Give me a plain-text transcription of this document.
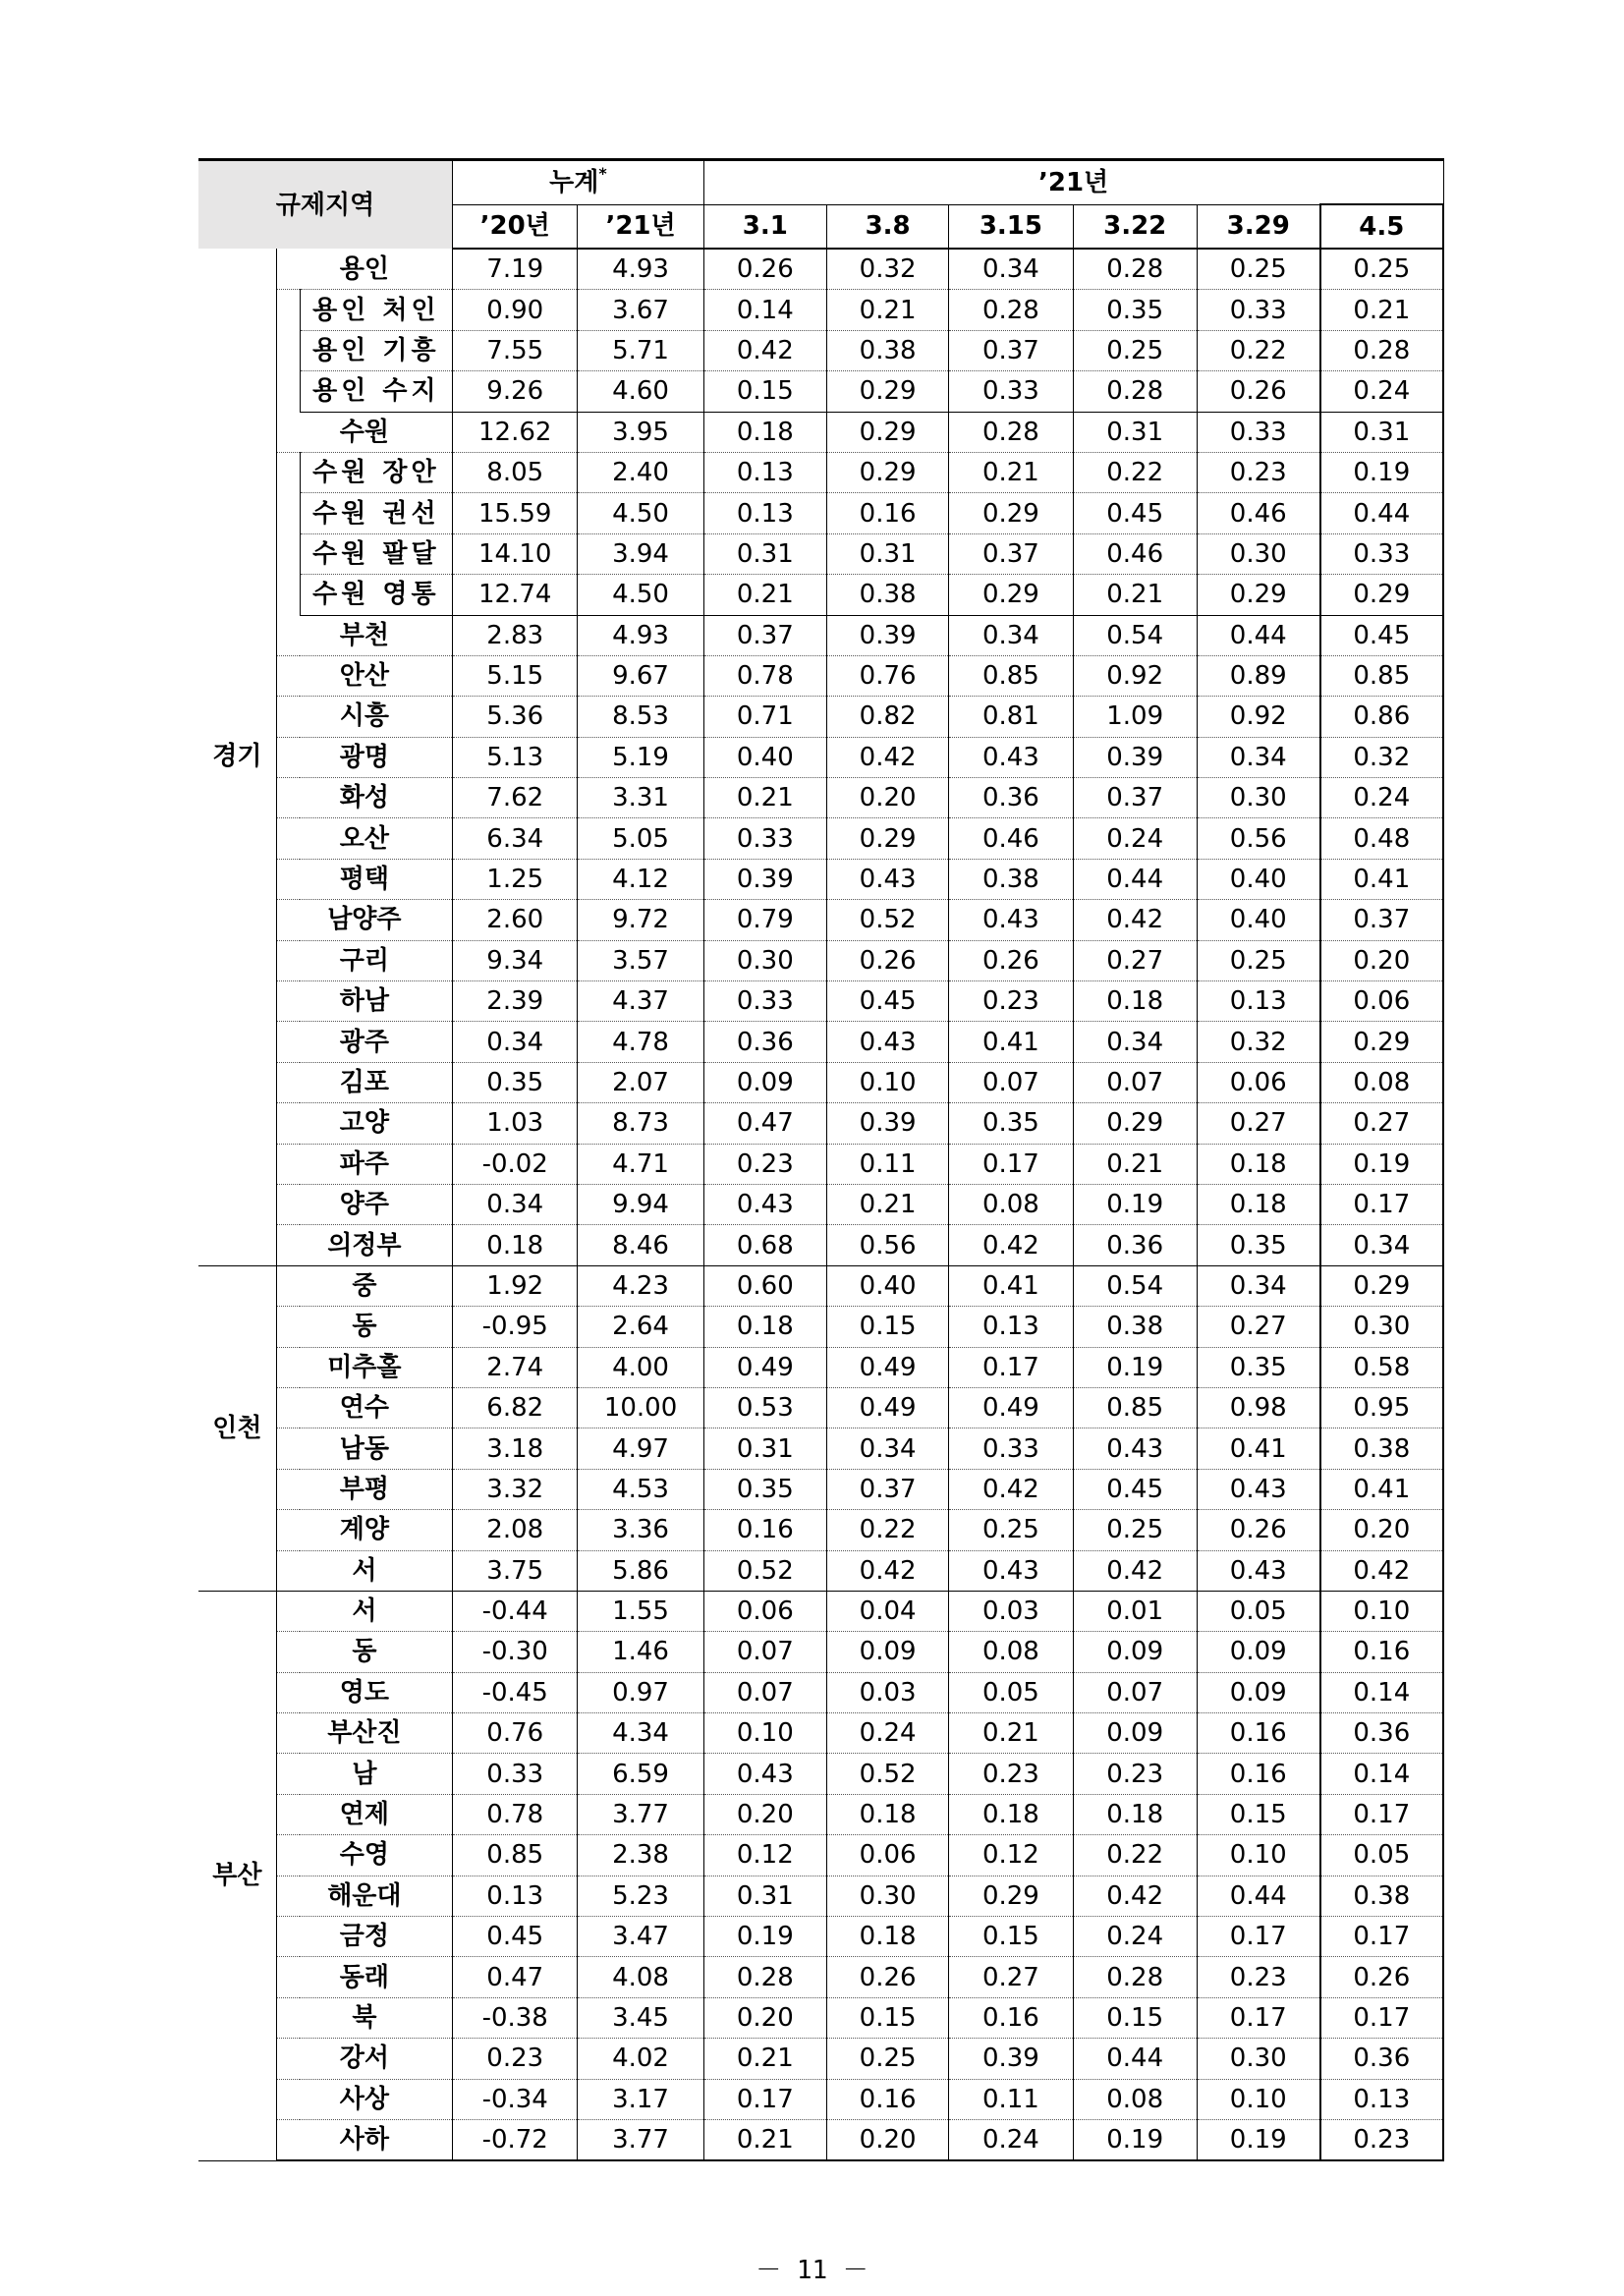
규제지역			누계*		’21년					
			’20년	’21년	3.1	3.8	3.15	3.22	3.29	4.5
경기	용인		7.19	4.93	0.26	0.32	0.34	0.28	0.25	0.25
		용인 처인	0.90	3.67	0.14	0.21	0.28	0.35	0.33	0.21
		용인 기흥	7.55	5.71	0.42	0.38	0.37	0.25	0.22	0.28
		용인 수지	9.26	4.60	0.15	0.29	0.33	0.28	0.26	0.24
	수원		12.62	3.95	0.18	0.29	0.28	0.31	0.33	0.31
		수원 장안	8.05	2.40	0.13	0.29	0.21	0.22	0.23	0.19
		수원 권선	15.59	4.50	0.13	0.16	0.29	0.45	0.46	0.44
		수원 팔달	14.10	3.94	0.31	0.31	0.37	0.46	0.30	0.33
		수원 영통	12.74	4.50	0.21	0.38	0.29	0.21	0.29	0.29
	부천		2.83	4.93	0.37	0.39	0.34	0.54	0.44	0.45
	안산		5.15	9.67	0.78	0.76	0.85	0.92	0.89	0.85
	시흥		5.36	8.53	0.71	0.82	0.81	1.09	0.92	0.86
	광명		5.13	5.19	0.40	0.42	0.43	0.39	0.34	0.32
	화성		7.62	3.31	0.21	0.20	0.36	0.37	0.30	0.24
	오산		6.34	5.05	0.33	0.29	0.46	0.24	0.56	0.48
	평택		1.25	4.12	0.39	0.43	0.38	0.44	0.40	0.41
	남양주		2.60	9.72	0.79	0.52	0.43	0.42	0.40	0.37
	구리		9.34	3.57	0.30	0.26	0.26	0.27	0.25	0.20
	하남		2.39	4.37	0.33	0.45	0.23	0.18	0.13	0.06
	광주		0.34	4.78	0.36	0.43	0.41	0.34	0.32	0.29
	김포		0.35	2.07	0.09	0.10	0.07	0.07	0.06	0.08
	고양		1.03	8.73	0.47	0.39	0.35	0.29	0.27	0.27
	파주		-0.02	4.71	0.23	0.11	0.17	0.21	0.18	0.19
	양주		0.34	9.94	0.43	0.21	0.08	0.19	0.18	0.17
	의정부		0.18	8.46	0.68	0.56	0.42	0.36	0.35	0.34
인천	중		1.92	4.23	0.60	0.40	0.41	0.54	0.34	0.29
	동		-0.95	2.64	0.18	0.15	0.13	0.38	0.27	0.30
	미추홀		2.74	4.00	0.49	0.49	0.17	0.19	0.35	0.58
	연수		6.82	10.00	0.53	0.49	0.49	0.85	0.98	0.95
	남동		3.18	4.97	0.31	0.34	0.33	0.43	0.41	0.38
	부평		3.32	4.53	0.35	0.37	0.42	0.45	0.43	0.41
	계양		2.08	3.36	0.16	0.22	0.25	0.25	0.26	0.20
	서		3.75	5.86	0.52	0.42	0.43	0.42	0.43	0.42
부산	서		-0.44	1.55	0.06	0.04	0.03	0.01	0.05	0.10
	동		-0.30	1.46	0.07	0.09	0.08	0.09	0.09	0.16
	영도		-0.45	0.97	0.07	0.03	0.05	0.07	0.09	0.14
	부산진		0.76	4.34	0.10	0.24	0.21	0.09	0.16	0.36
	남		0.33	6.59	0.43	0.52	0.23	0.23	0.16	0.14
	연제		0.78	3.77	0.20	0.18	0.18	0.18	0.15	0.17
	수영		0.85	2.38	0.12	0.06	0.12	0.22	0.10	0.05
	해운대		0.13	5.23	0.31	0.30	0.29	0.42	0.44	0.38
	금정		0.45	3.47	0.19	0.18	0.15	0.24	0.17	0.17
	동래		0.47	4.08	0.28	0.26	0.27	0.28	0.23	0.26
	북		-0.38	3.45	0.20	0.15	0.16	0.15	0.17	0.17
	강서		0.23	4.02	0.21	0.25	0.39	0.44	0.30	0.36
	사상		-0.34	3.17	0.17	0.16	0.11	0.08	0.10	0.13
	사하		-0.72	3.77	0.21	0.20	0.24	0.19	0.19	0.23
－ 11 －
